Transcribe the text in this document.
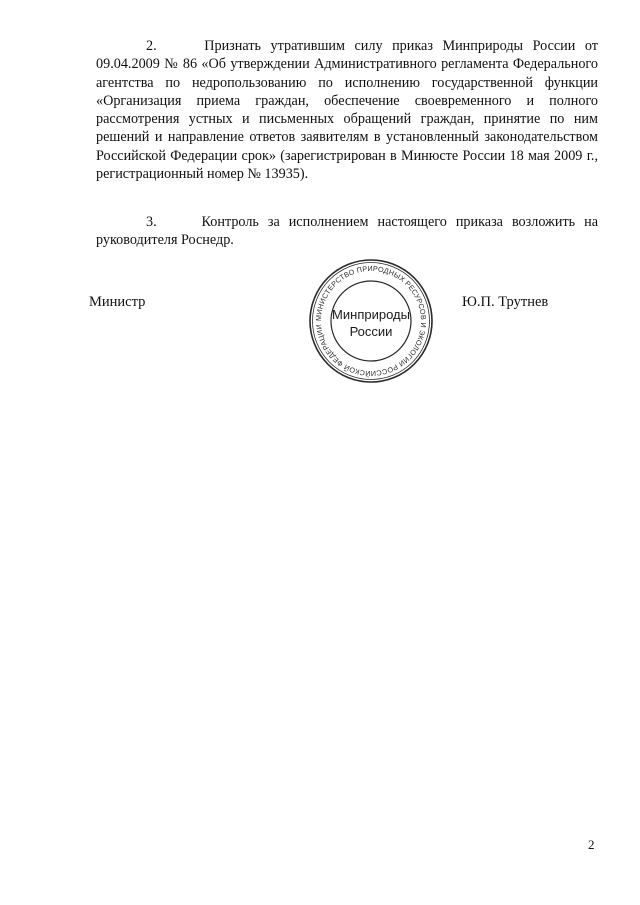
2.     Признать утратившим силу приказ Минприроды России от 09.04.2009 № 86 «Об утверждении Административного регламента Федерального агентства по недропользованию по исполнению государственной функции «Организация приема граждан, обеспечение своевременного и полного рассмотрения устных и письменных обращений граждан, принятие по ним решений и направление ответов заявителям в установленный законодательством Российской Федерации срок» (зарегистрирован в Минюсте России 18 мая 2009 г., регистрационный номер № 13935).

3.     Контроль за исполнением настоящего приказа возложить на руководителя Роснедр.

Министр
МИНИСТЕРСТВО ПРИРОДНЫХ РЕСУРСОВ И ЭКОЛОГИИ РОССИЙСКОЙ ФЕДЕРАЦИИ
Минприроды
России
Ю.П. Трутнев
2
